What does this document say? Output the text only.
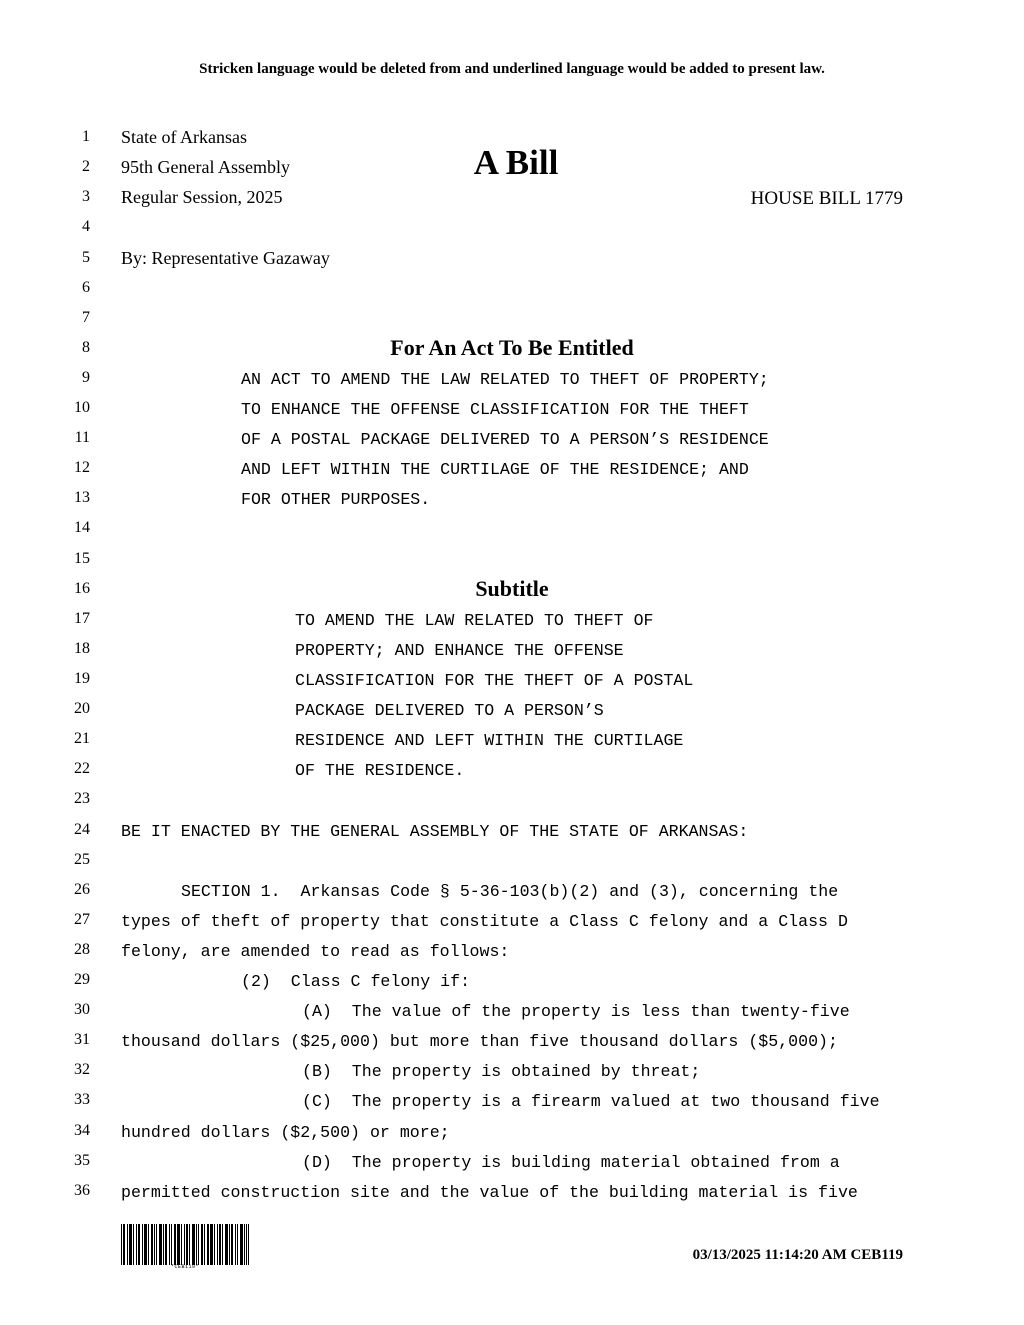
Stricken language would be deleted from and underlined language would be added to present law.
1
2
3
4
5
6
7
8
9
10
11
12
13
14
15
16
17
18
19
20
21
22
23
24
25
26
27
28
29
30
31
32
33
34
35
36
State of Arkansas
95th General Assembly	A Bill
Regular Session, 2025	HOUSE BILL 1779
By: Representative Gazaway
For An Act To Be Entitled
AN ACT TO AMEND THE LAW RELATED TO THEFT OF PROPERTY;
TO ENHANCE THE OFFENSE CLASSIFICATION FOR THE THEFT
OF A POSTAL PACKAGE DELIVERED TO A PERSON’S RESIDENCE
AND LEFT WITHIN THE CURTILAGE OF THE RESIDENCE; AND
FOR OTHER PURPOSES.
Subtitle
TO AMEND THE LAW RELATED TO THEFT OF
PROPERTY; AND ENHANCE THE OFFENSE
CLASSIFICATION FOR THE THEFT OF A POSTAL
PACKAGE DELIVERED TO A PERSON’S
RESIDENCE AND LEFT WITHIN THE CURTILAGE
OF THE RESIDENCE.
BE IT ENACTED BY THE GENERAL ASSEMBLY OF THE STATE OF ARKANSAS:
SECTION 1.  Arkansas Code § 5-36-103(b)(2) and (3), concerning the
types of theft of property that constitute a Class C felony and a Class D
felony, are amended to read as follows:
(2)  Class C felony if:
(A)  The value of the property is less than twenty-five
thousand dollars ($25,000) but more than five thousand dollars ($5,000);
(B)  The property is obtained by threat;
(C)  The property is a firearm valued at two thousand five
hundred dollars ($2,500) or more;
(D)  The property is building material obtained from a
permitted construction site and the value of the building material is five
*CEB119*
03/13/2025 11:14:20 AM CEB119
